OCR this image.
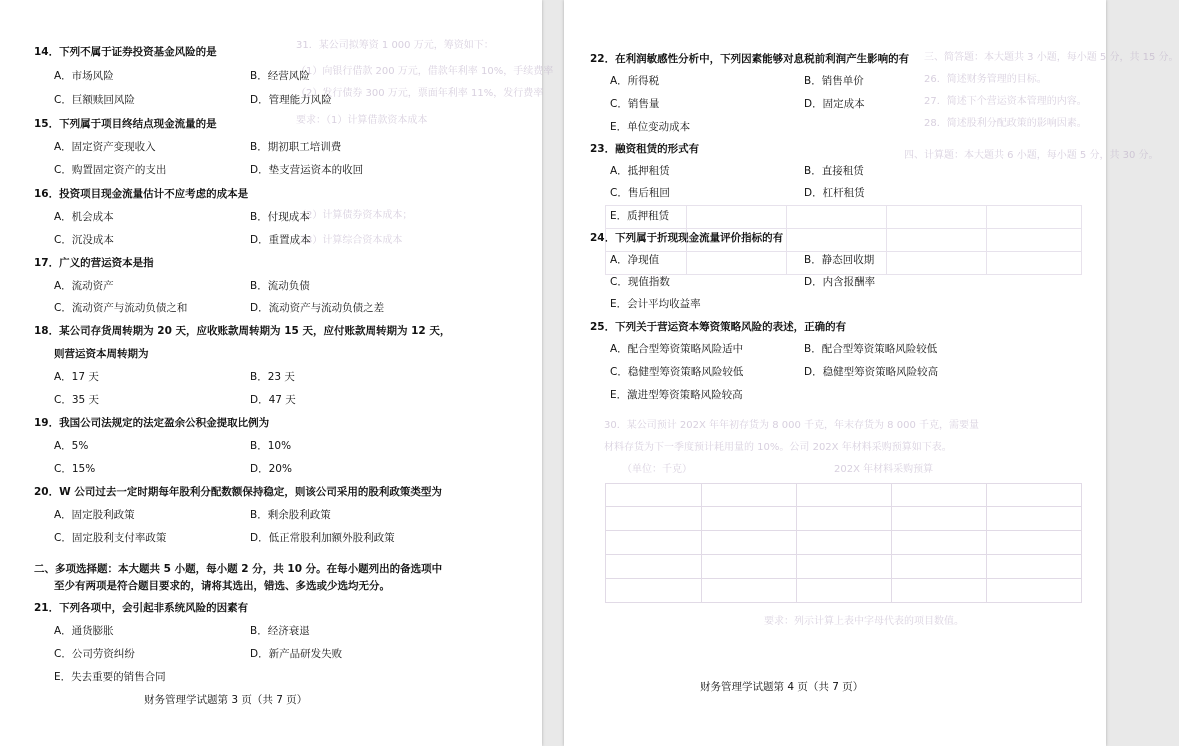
31．某公司拟筹资 1 000 万元，筹资如下：
（1）向银行借款 200 万元，借款年利率 10%，手续费率
（2）发行债券 300 万元，票面年利率 11%，发行费率
要求：（1）计算借款资本成本
（2）计算债券资本成本；
（3）计算综合资本成本
14．下列不属于证券投资基金风险的是
A．市场风险	B．经营风险
C．巨额赎回风险	D．管理能力风险
15．下列属于项目终结点现金流量的是
A．固定资产变现收入	B．期初职工培训费
C．购置固定资产的支出	D．垫支营运资本的收回
16．投资项目现金流量估计不应考虑的成本是
A．机会成本	B．付现成本
C．沉没成本	D．重置成本
17．广义的营运资本是指
A．流动资产	B．流动负债
C．流动资产与流动负债之和	D．流动资产与流动负债之差
18．某公司存货周转期为 20 天，应收账款周转期为 15 天，应付账款周转期为 12 天，
则营运资本周转期为
A．17 天	B．23 天
C．35 天	D．47 天
19．我国公司法规定的法定盈余公积金提取比例为
A．5%	B．10%
C．15%	D．20%
20．W 公司过去一定时期每年股利分配数额保持稳定，则该公司采用的股利政策类型为
A．固定股利政策	B．剩余股利政策
C．固定股利支付率政策	D．低正常股利加额外股利政策
二、多项选择题：本大题共 5 小题，每小题 2 分，共 10 分。在每小题列出的备选项中
至少有两项是符合题目要求的，请将其选出，错选、多选或少选均无分。
21．下列各项中，会引起非系统风险的因素有
A．通货膨胀	B．经济衰退
C．公司劳资纠纷	D．新产品研发失败
E．失去重要的销售合同
财务管理学试题第 3 页（共 7 页）
三、简答题：本大题共 3 小题，每小题 5 分，共 15 分。
26．简述财务管理的目标。
27．简述下个营运资本管理的内容。
28．简述股利分配政策的影响因素。
四、计算题：本大题共 6 小题，每小题 5 分，共 30 分。
30．某公司预计 202X 年年初存货为 8 000 千克，年末存货为 8 000 千克，需要量
材料存货为下一季度预计耗用量的 10%。公司 202X 年材料采购预算如下表。
202X 年材料采购预算
（单位：千克）
要求：列示计算上表中字母代表的项目数值。
22．在利润敏感性分析中，下列因素能够对息税前利润产生影响的有
A．所得税	B．销售单价
C．销售量	D．固定成本
E．单位变动成本
23．融资租赁的形式有
A．抵押租赁	B．直接租赁
C．售后租回	D．杠杆租赁
E．质押租赁
24．下列属于折现现金流量评价指标的有
A．净现值	B．静态回收期
C．现值指数	D．内含报酬率
E．会计平均收益率
25．下列关于营运资本筹资策略风险的表述，正确的有
A．配合型筹资策略风险适中	B．配合型筹资策略风险较低
C．稳健型筹资策略风险较低	D．稳健型筹资策略风险较高
E．激进型筹资策略风险较高
财务管理学试题第 4 页（共 7 页）
